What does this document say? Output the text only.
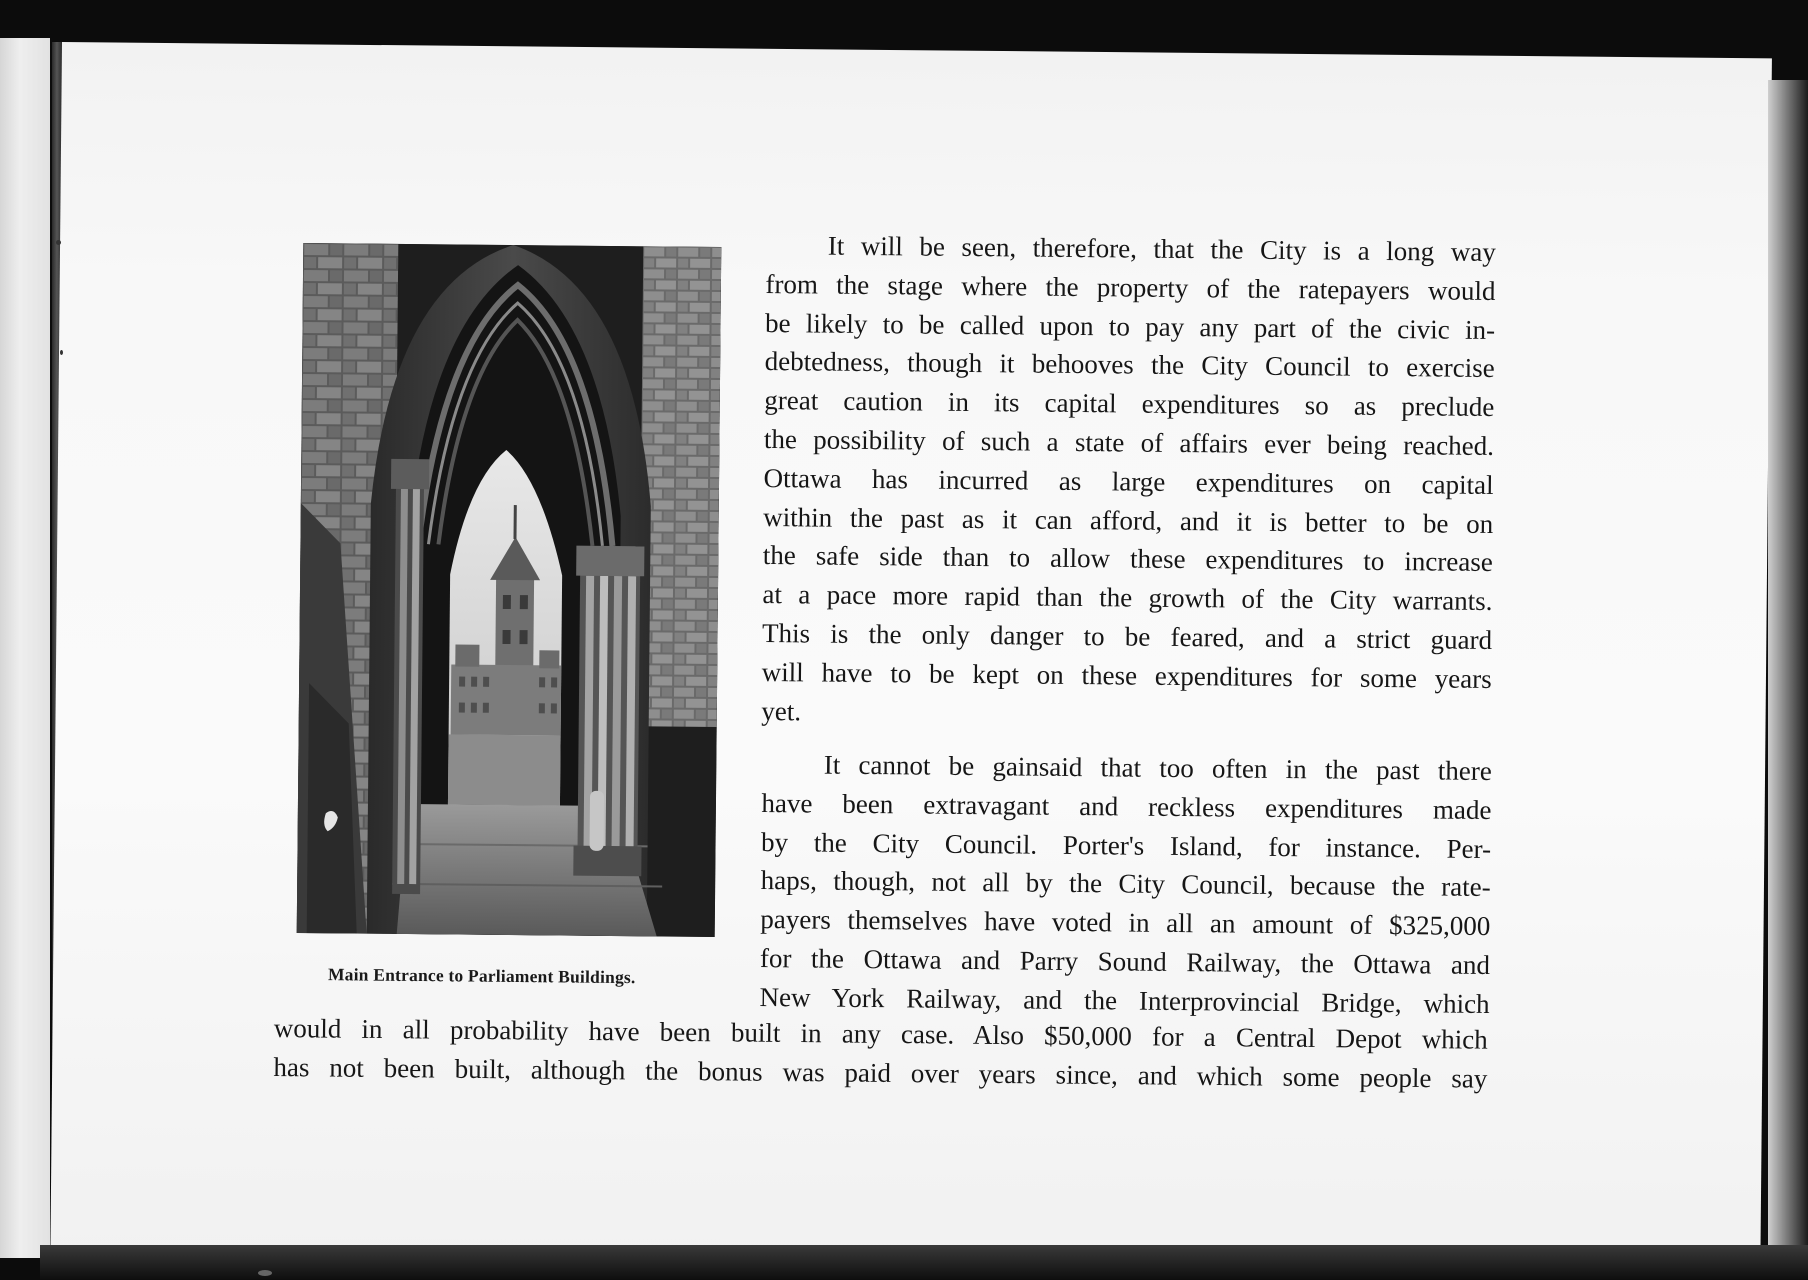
Main Entrance to Parliament Buildings.
It will be seen, therefore, that the City is a long way
from the stage where the property of the ratepayers would
be likely to be called upon to pay any part of the civic in-
debtedness, though it behooves the City Council to exercise
great caution in its capital expenditures so as preclude
the possibility of such a state of affairs ever being reached.
Ottawa has incurred as large expenditures on capital
within the past as it can afford, and it is better to be on
the safe side than to allow these expenditures to increase
at a pace more rapid than the growth of the City warrants.
This is the only danger to be feared, and a strict guard
will have to be kept on these expenditures for some years
yet.
It cannot be gainsaid that too often in the past there
have been extravagant and reckless expenditures made
by the City Council. Porter's Island, for instance. Per-
haps, though, not all by the City Council, because the rate-
payers themselves have voted in all an amount of $325,000
for the Ottawa and Parry Sound Railway, the Ottawa and
New York Railway, and the Interprovincial Bridge, which
would in all probability have been built in any case. Also $50,000 for a Central Depot which
has not been built, although the bonus was paid over years since, and which some people say
